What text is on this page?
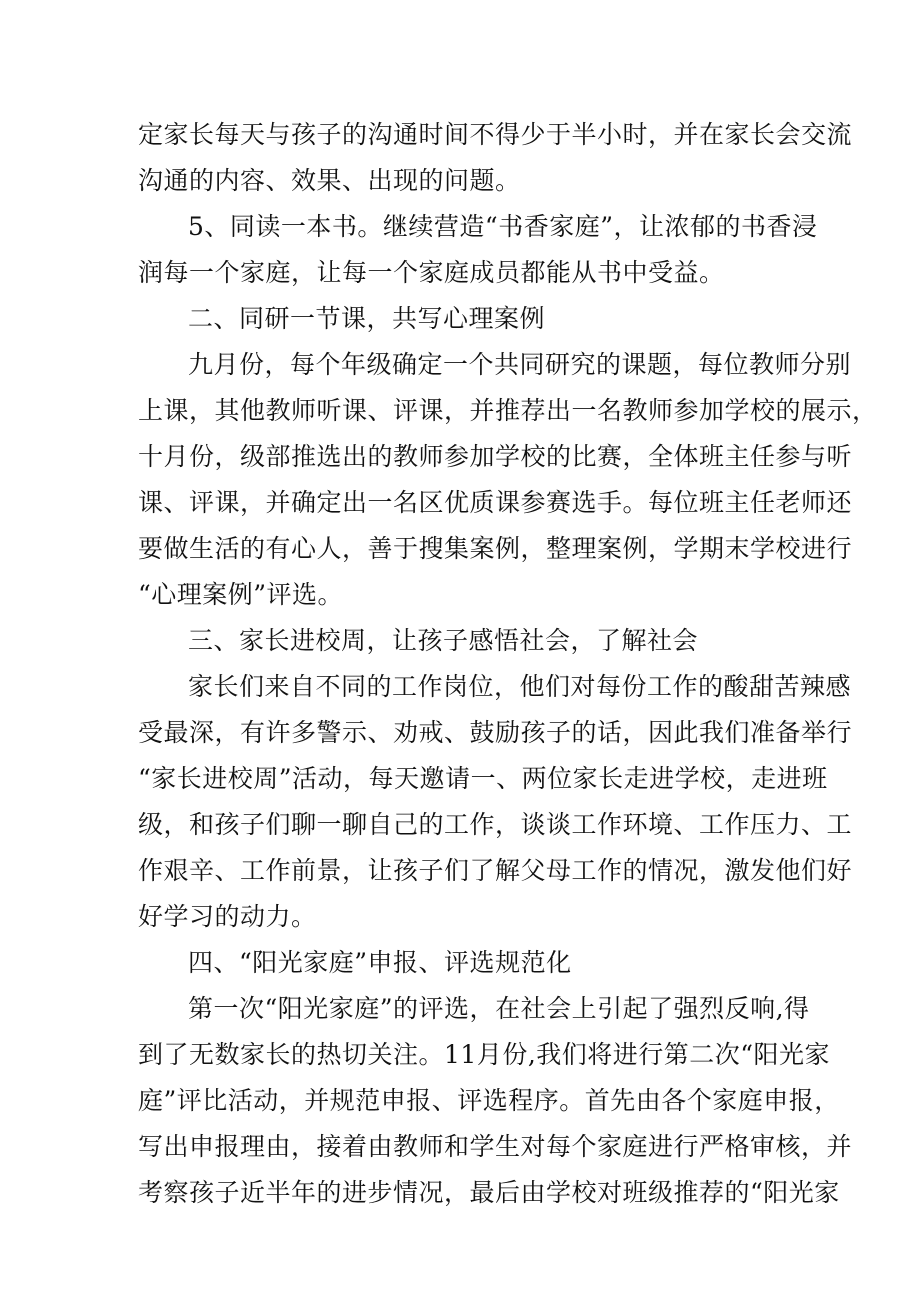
定家长每天与孩子的沟通时间不得少于半小时，并在家长会交流
沟通的内容、效果、出现的问题。
5、同读一本书。继续营造“书香家庭”，让浓郁的书香浸
润每一个家庭，让每一个家庭成员都能从书中受益。
二、同研一节课，共写心理案例
九月份，每个年级确定一个共同研究的课题，每位教师分别
上课，其他教师听课、评课，并推荐出一名教师参加学校的展示，
十月份，级部推选出的教师参加学校的比赛，全体班主任参与听
课、评课，并确定出一名区优质课参赛选手。每位班主任老师还
要做生活的有心人，善于搜集案例，整理案例，学期末学校进行
“心理案例”评选。
三、家长进校周，让孩子感悟社会，了解社会
家长们来自不同的工作岗位，他们对每份工作的酸甜苦辣感
受最深，有许多警示、劝戒、鼓励孩子的话，因此我们准备举行
“家长进校周”活动，每天邀请一、两位家长走进学校，走进班
级，和孩子们聊一聊自己的工作，谈谈工作环境、工作压力、工
作艰辛、工作前景，让孩子们了解父母工作的情况，激发他们好
好学习的动力。
四、“阳光家庭”申报、评选规范化
第一次“阳光家庭”的评选，在社会上引起了强烈反响,得
到了无数家长的热切关注。11月份,我们将进行第二次“阳光家
庭”评比活动，并规范申报、评选程序。首先由各个家庭申报，
写出申报理由，接着由教师和学生对每个家庭进行严格审核，并
考察孩子近半年的进步情况，最后由学校对班级推荐的“阳光家
